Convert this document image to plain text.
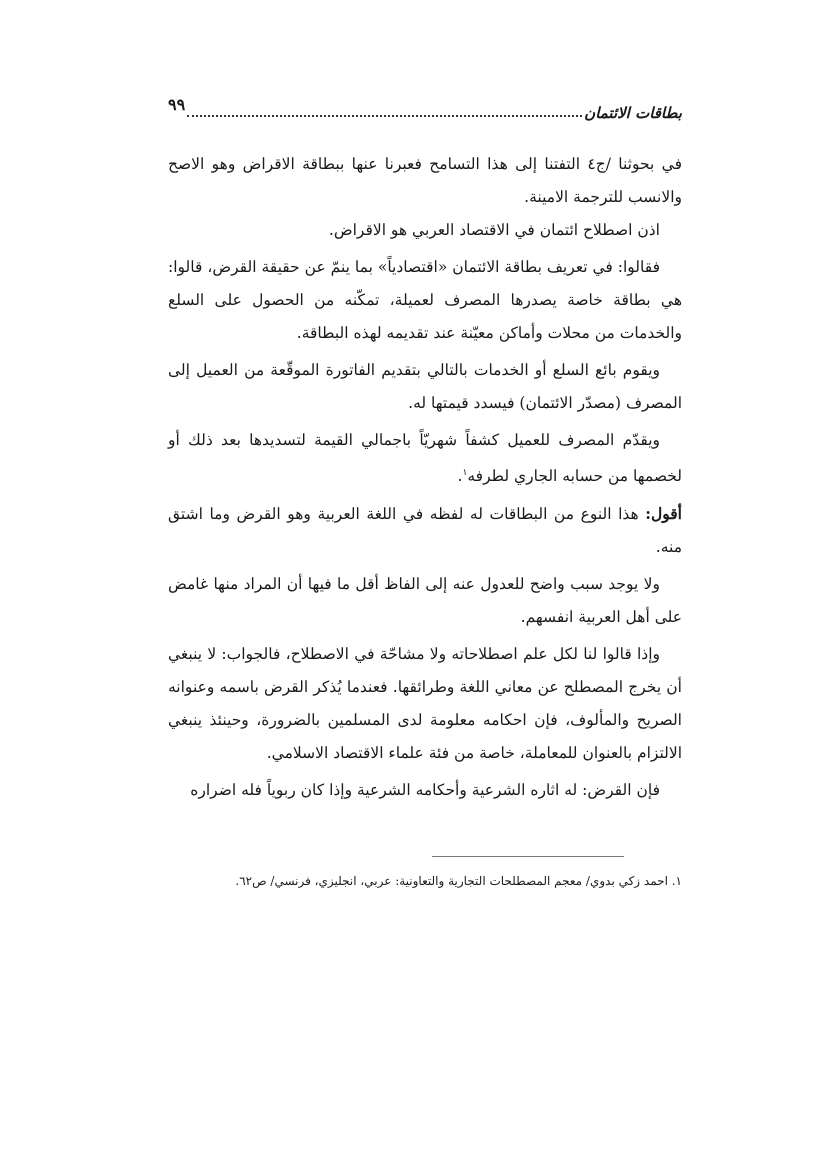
بطاقات الائتمان
٩٩

في بحوثنا /ج٤ التفتنا إلى هذا التسامح فعبرنا عنها ببطاقة الاقراض وهو الاصح والانسب للترجمة الامينة.

اذن اصطلاح ائتمان في الاقتصاد العربي هو الاقراض.

فقالوا: في تعريف بطاقة الائتمان «اقتصادياً» بما ينمّ عن حقيقة القرض، قالوا: هي بطاقة خاصة يصدرها المصرف لعميلة، تمكّنه من الحصول على السلع والخدمات من محلات وأماكن معيّنة عند تقديمه لهذه البطاقة.

ويقوم بائع السلع أو الخدمات بالتالي بتقديم الفاتورة الموقّعة من العميل إلى المصرف (مصدّر الائتمان) فيسدد قيمتها له.

ويقدّم المصرف للعميل كشفاً شهريّاً باجمالي القيمة لتسديدها بعد ذلك أو لخصمها من حسابه الجاري لطرفه$^١$.

أقول: هذا النوع من البطاقات له لفظه في اللغة العربية وهو القرض وما اشتق منه.

ولا يوجد سبب واضح للعدول عنه إلى الفاظ أقل ما فيها أن المراد منها غامض على أهل العربية انفسهم.

وإذا قالوا لنا لكل علم اصطلاحاته ولا مشاحّة في الاصطلاح، فالجواب: لا ينبغي أن يخرج المصطلح عن معاني اللغة وطرائقها. فعندما يُذكر القرض باسمه وعنوانه الصريح والمألوف، فإن احكامه معلومة لدى المسلمين بالضرورة، وحينئذ ينبغي الالتزام بالعنوان للمعاملة، خاصة من فئة علماء الاقتصاد الاسلامي.

فإن القرض: له اثاره الشرعية وأحكامه الشرعية وإذا كان ربوياً فله اضراره

١. احمد زكي بدوي/ معجم المصطلحات التجارية والتعاونية: عربي، انجليزي، فرنسي/ ص٦٢.
